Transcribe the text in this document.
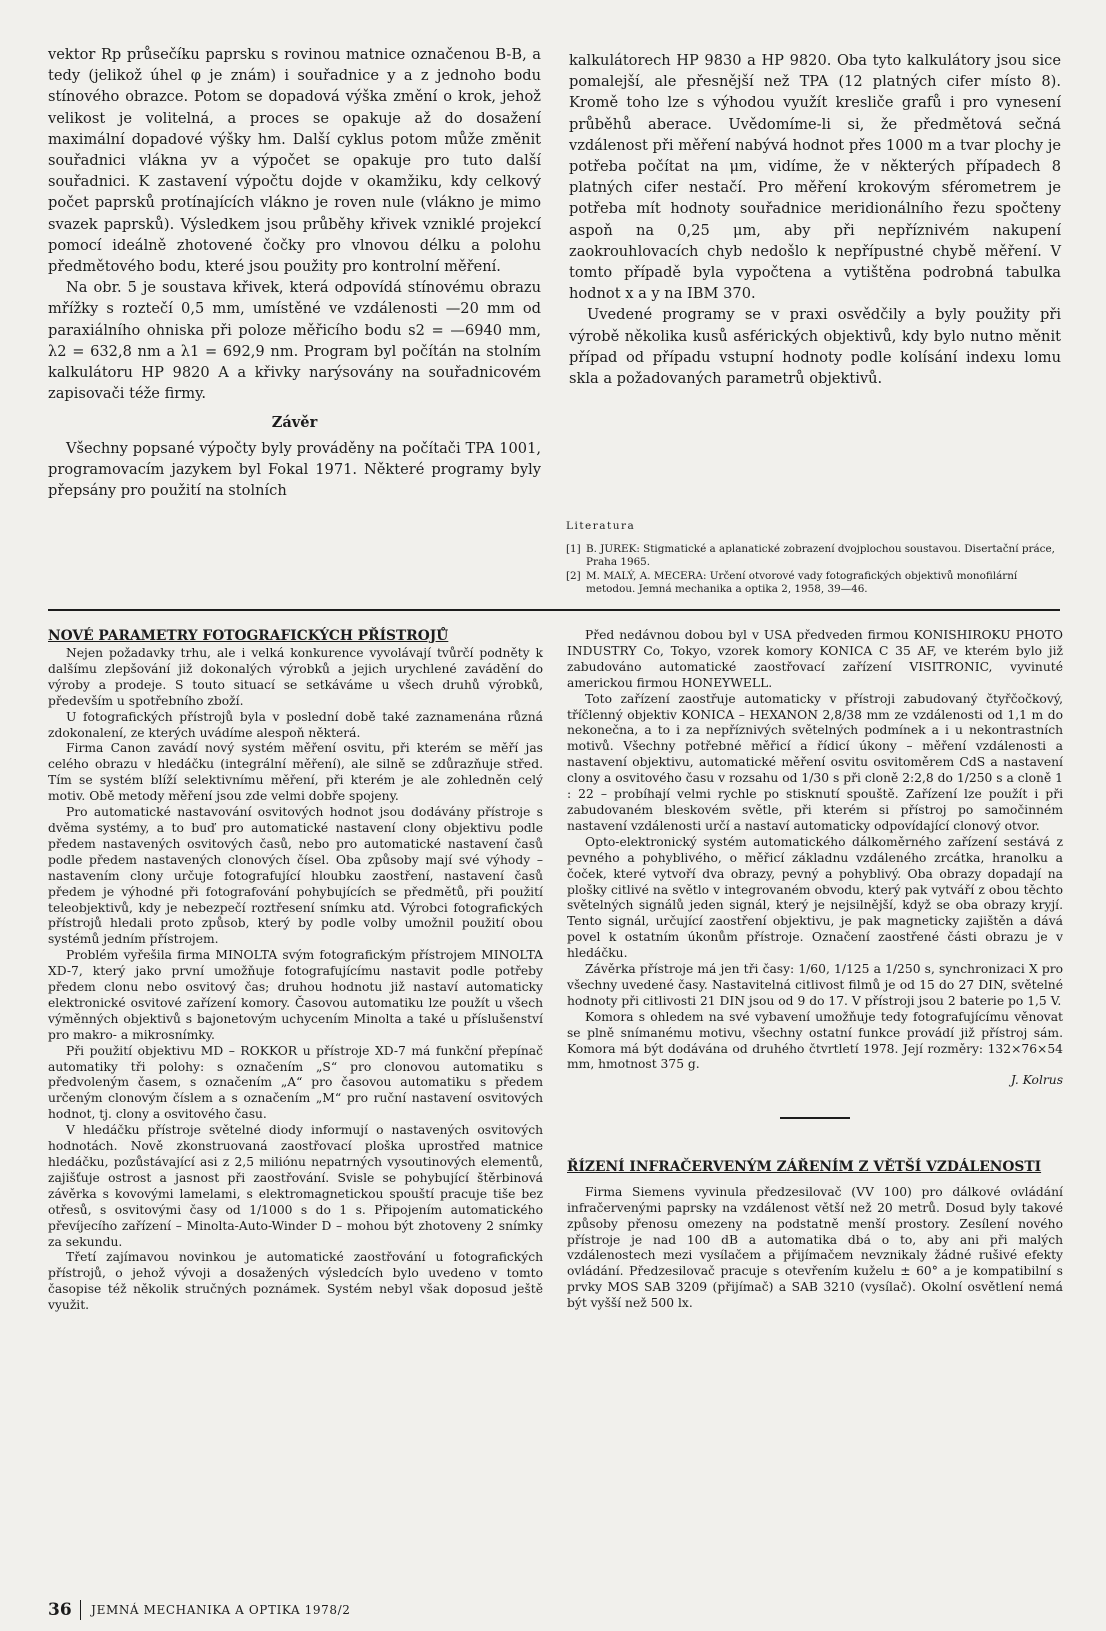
vektor Rp průsečíku paprsku s rovinou matnice označenou B-B, a tedy (jelikož úhel φ je znám) i souřadnice y a z jednoho bodu stínového obrazce. Potom se dopadová výška změní o krok, jehož velikost je volitelná, a proces se opakuje až do dosažení maximální dopadové výšky hm. Další cyklus potom může změnit souřadnici vlákna yv a výpočet se opakuje pro tuto další souřadnici. K zastavení výpočtu dojde v okamžiku, kdy celkový počet paprsků protínajících vlákno je roven nule (vlákno je mimo svazek paprsků). Výsledkem jsou průběhy křivek vzniklé projekcí pomocí ideálně zhotovené čočky pro vlnovou délku a polohu předmětového bodu, které jsou použity pro kontrolní měření.

Na obr. 5 je soustava křivek, která odpovídá stínovému obrazu mřížky s roztečí 0,5 mm, umístěné ve vzdálenosti —20 mm od paraxiálního ohniska při poloze měřicího bodu s2 = —6940 mm, λ2 = 632,8 nm a λ1 = 692,9 nm. Program byl počítán na stolním kalkulátoru HP 9820 A a křivky narýsovány na souřadnicovém zapisovači téže firmy.

Závěr

Všechny popsané výpočty byly prováděny na počítači TPA 1001, programovacím jazykem byl Fokal 1971. Některé programy byly přepsány pro použití na stolních

kalkulátorech HP 9830 a HP 9820. Oba tyto kalkulátory jsou sice pomalejší, ale přesnější než TPA (12 platných cifer místo 8). Kromě toho lze s výhodou využít kresliče grafů i pro vynesení průběhů aberace. Uvědomíme-li si, že předmětová sečná vzdálenost při měření nabývá hodnot přes 1000 m a tvar plochy je potřeba počítat na μm, vidíme, že v některých případech 8 platných cifer nestačí. Pro měření krokovým sférometrem je potřeba mít hodnoty souřadnice meridionálního řezu spočteny aspoň na 0,25 μm, aby při nepříznivém nakupení zaokrouhlovacích chyb nedošlo k nepřípustné chybě měření. V tomto případě byla vypočtena a vytištěna podrobná tabulka hodnot x a y na IBM 370.

Uvedené programy se v praxi osvědčily a byly použity při výrobě několika kusů asférických objektivů, kdy bylo nutno měnit případ od případu vstupní hodnoty podle kolísání indexu lomu skla a požadovaných parametrů objektivů.

Literatura

[1] B. JUREK: Stigmatické a aplanatické zobrazení dvojplochou soustavou. Disertační práce, Praha 1965.

[2] M. MALÝ, A. MECERA: Určení otvorové vady fotografických objektivů monofilární metodou. Jemná mechanika a optika 2, 1958, 39—46.

NOVÉ PARAMETRY FOTOGRAFICKÝCH PŘÍSTROJŮ

Nejen požadavky trhu, ale i velká konkurence vyvolávají tvůrčí podněty k dalšímu zlepšování již dokonalých výrobků a jejich urychlené zavádění do výroby a prodeje. S touto situací se setkáváme u všech druhů výrobků, především u spotřebního zboží.

U fotografických přístrojů byla v poslední době také zaznamenána různá zdokonalení, ze kterých uvádíme alespoň některá.

Firma Canon zavádí nový systém měření osvitu, při kterém se měří jas celého obrazu v hledáčku (integrální měření), ale silně se zdůrazňuje střed. Tím se systém blíží selektivnímu měření, při kterém je ale zohledněn celý motiv. Obě metody měření jsou zde velmi dobře spojeny.

Pro automatické nastavování osvitových hodnot jsou dodávány přístroje s dvěma systémy, a to buď pro automatické nastavení clony objektivu podle předem nastavených osvitových časů, nebo pro automatické nastavení časů podle předem nastavených clonových čísel. Oba způsoby mají své výhody – nastavením clony určuje fotografující hloubku zaostření, nastavení časů předem je výhodné při fotografování pohybujících se předmětů, při použití teleobjektivů, kdy je nebezpečí roztřesení snímku atd. Výrobci fotografických přístrojů hledali proto způsob, který by podle volby umožnil použití obou systémů jedním přístrojem.

Problém vyřešila firma MINOLTA svým fotografickým přístrojem MINOLTA XD-7, který jako první umožňuje fotografujícímu nastavit podle potřeby předem clonu nebo osvitový čas; druhou hodnotu již nastaví automaticky elektronické osvitové zařízení komory. Časovou automatiku lze použít u všech výměnných objektivů s bajonetovým uchycením Minolta a také u příslušenství pro makro- a mikrosnímky.

Při použití objektivu MD – ROKKOR u přístroje XD-7 má funkční přepínač automatiky tři polohy: s označením „S“ pro clonovou automatiku s předvoleným časem, s označením „A“ pro časovou automatiku s předem určeným clonovým číslem a s označením „M“ pro ruční nastavení osvitových hodnot, tj. clony a osvitového času.

V hledáčku přístroje světelné diody informují o nastavených osvitových hodnotách. Nově zkonstruovaná zaostřovací ploška uprostřed matnice hledáčku, pozůstávající asi z 2,5 miliónu nepatrných vysoutinových elementů, zajišťuje ostrost a jasnost při zaostřování. Svisle se pohybující štěrbinová závěrka s kovovými lamelami, s elektromagnetickou spouští pracuje tiše bez otřesů, s osvitovými časy od 1/1000 s do 1 s. Připojením automatického převíjecího zařízení – Minolta-Auto-Winder D – mohou být zhotoveny 2 snímky za sekundu.

Třetí zajímavou novinkou je automatické zaostřování u fotografických přístrojů, o jehož vývoji a dosažených výsledcích bylo uvedeno v tomto časopise též několik stručných poznámek. Systém nebyl však doposud ještě využit.

Před nedávnou dobou byl v USA předveden firmou KONISHIROKU PHOTO INDUSTRY Co, Tokyo, vzorek komory KONICA C 35 AF, ve kterém bylo již zabudováno automatické zaostřovací zařízení VISITRONIC, vyvinuté americkou firmou HONEYWELL.

Toto zařízení zaostřuje automaticky v přístroji zabudovaný čtyřčočkový, tříčlenný objektiv KONICA – HEXANON 2,8/38 mm ze vzdálenosti od 1,1 m do nekonečna, a to i za nepříznivých světelných podmínek a i u nekontrastních motivů. Všechny potřebné měřicí a řídicí úkony – měření vzdálenosti a nastavení objektivu, automatické měření osvitu osvitoměrem CdS a nastavení clony a osvitového času v rozsahu od 1/30 s při cloně 2:2,8 do 1/250 s a cloně 1 : 22 – probíhají velmi rychle po stisknutí spouště. Zařízení lze použít i při zabudovaném bleskovém světle, při kterém si přístroj po samočinném nastavení vzdálenosti určí a nastaví automaticky odpovídající clonový otvor.

Opto-elektronický systém automatického dálkoměrného zařízení sestává z pevného a pohyblivého, o měřicí základnu vzdáleného zrcátka, hranolku a čoček, které vytvoří dva obrazy, pevný a pohyblivý. Oba obrazy dopadají na plošky citlivé na světlo v integrovaném obvodu, který pak vytváří z obou těchto světelných signálů jeden signál, který je nejsilnější, když se oba obrazy kryjí. Tento signál, určující zaostření objektivu, je pak magneticky zajištěn a dává povel k ostatním úkonům přístroje. Označení zaostřené části obrazu je v hledáčku.

Závěrka přístroje má jen tři časy: 1/60, 1/125 a 1/250 s, synchronizaci X pro všechny uvedené časy. Nastavitelná citlivost filmů je od 15 do 27 DIN, světelné hodnoty při citlivosti 21 DIN jsou od 9 do 17. V přístroji jsou 2 baterie po 1,5 V.

Komora s ohledem na své vybavení umožňuje tedy fotografujícímu věnovat se plně snímanému motivu, všechny ostatní funkce provádí již přístroj sám. Komora má být dodávána od druhého čtvrtletí 1978. Její rozměry: 132×76×54 mm, hmotnost 375 g.

J. Kolrus

ŘÍZENÍ INFRAČERVENÝM ZÁŘENÍM Z VĚTŠÍ VZDÁLENOSTI

Firma Siemens vyvinula předzesilovač (VV 100) pro dálkové ovládání infračervenými paprsky na vzdálenost větší než 20 metrů. Dosud byly takové způsoby přenosu omezeny na podstatně menší prostory. Zesílení nového přístroje je nad 100 dB a automatika dbá o to, aby ani při malých vzdálenostech mezi vysílačem a přijímačem nevznikaly žádné rušivé efekty ovládání. Předzesilovač pracuje s otevřením kuželu ± 60° a je kompatibilní s prvky MOS SAB 3209 (přijímač) a SAB 3210 (vysílač). Okolní osvětlení nemá být vyšší než 500 lx.

36 JEMNÁ MECHANIKA A OPTIKA 1978/2
